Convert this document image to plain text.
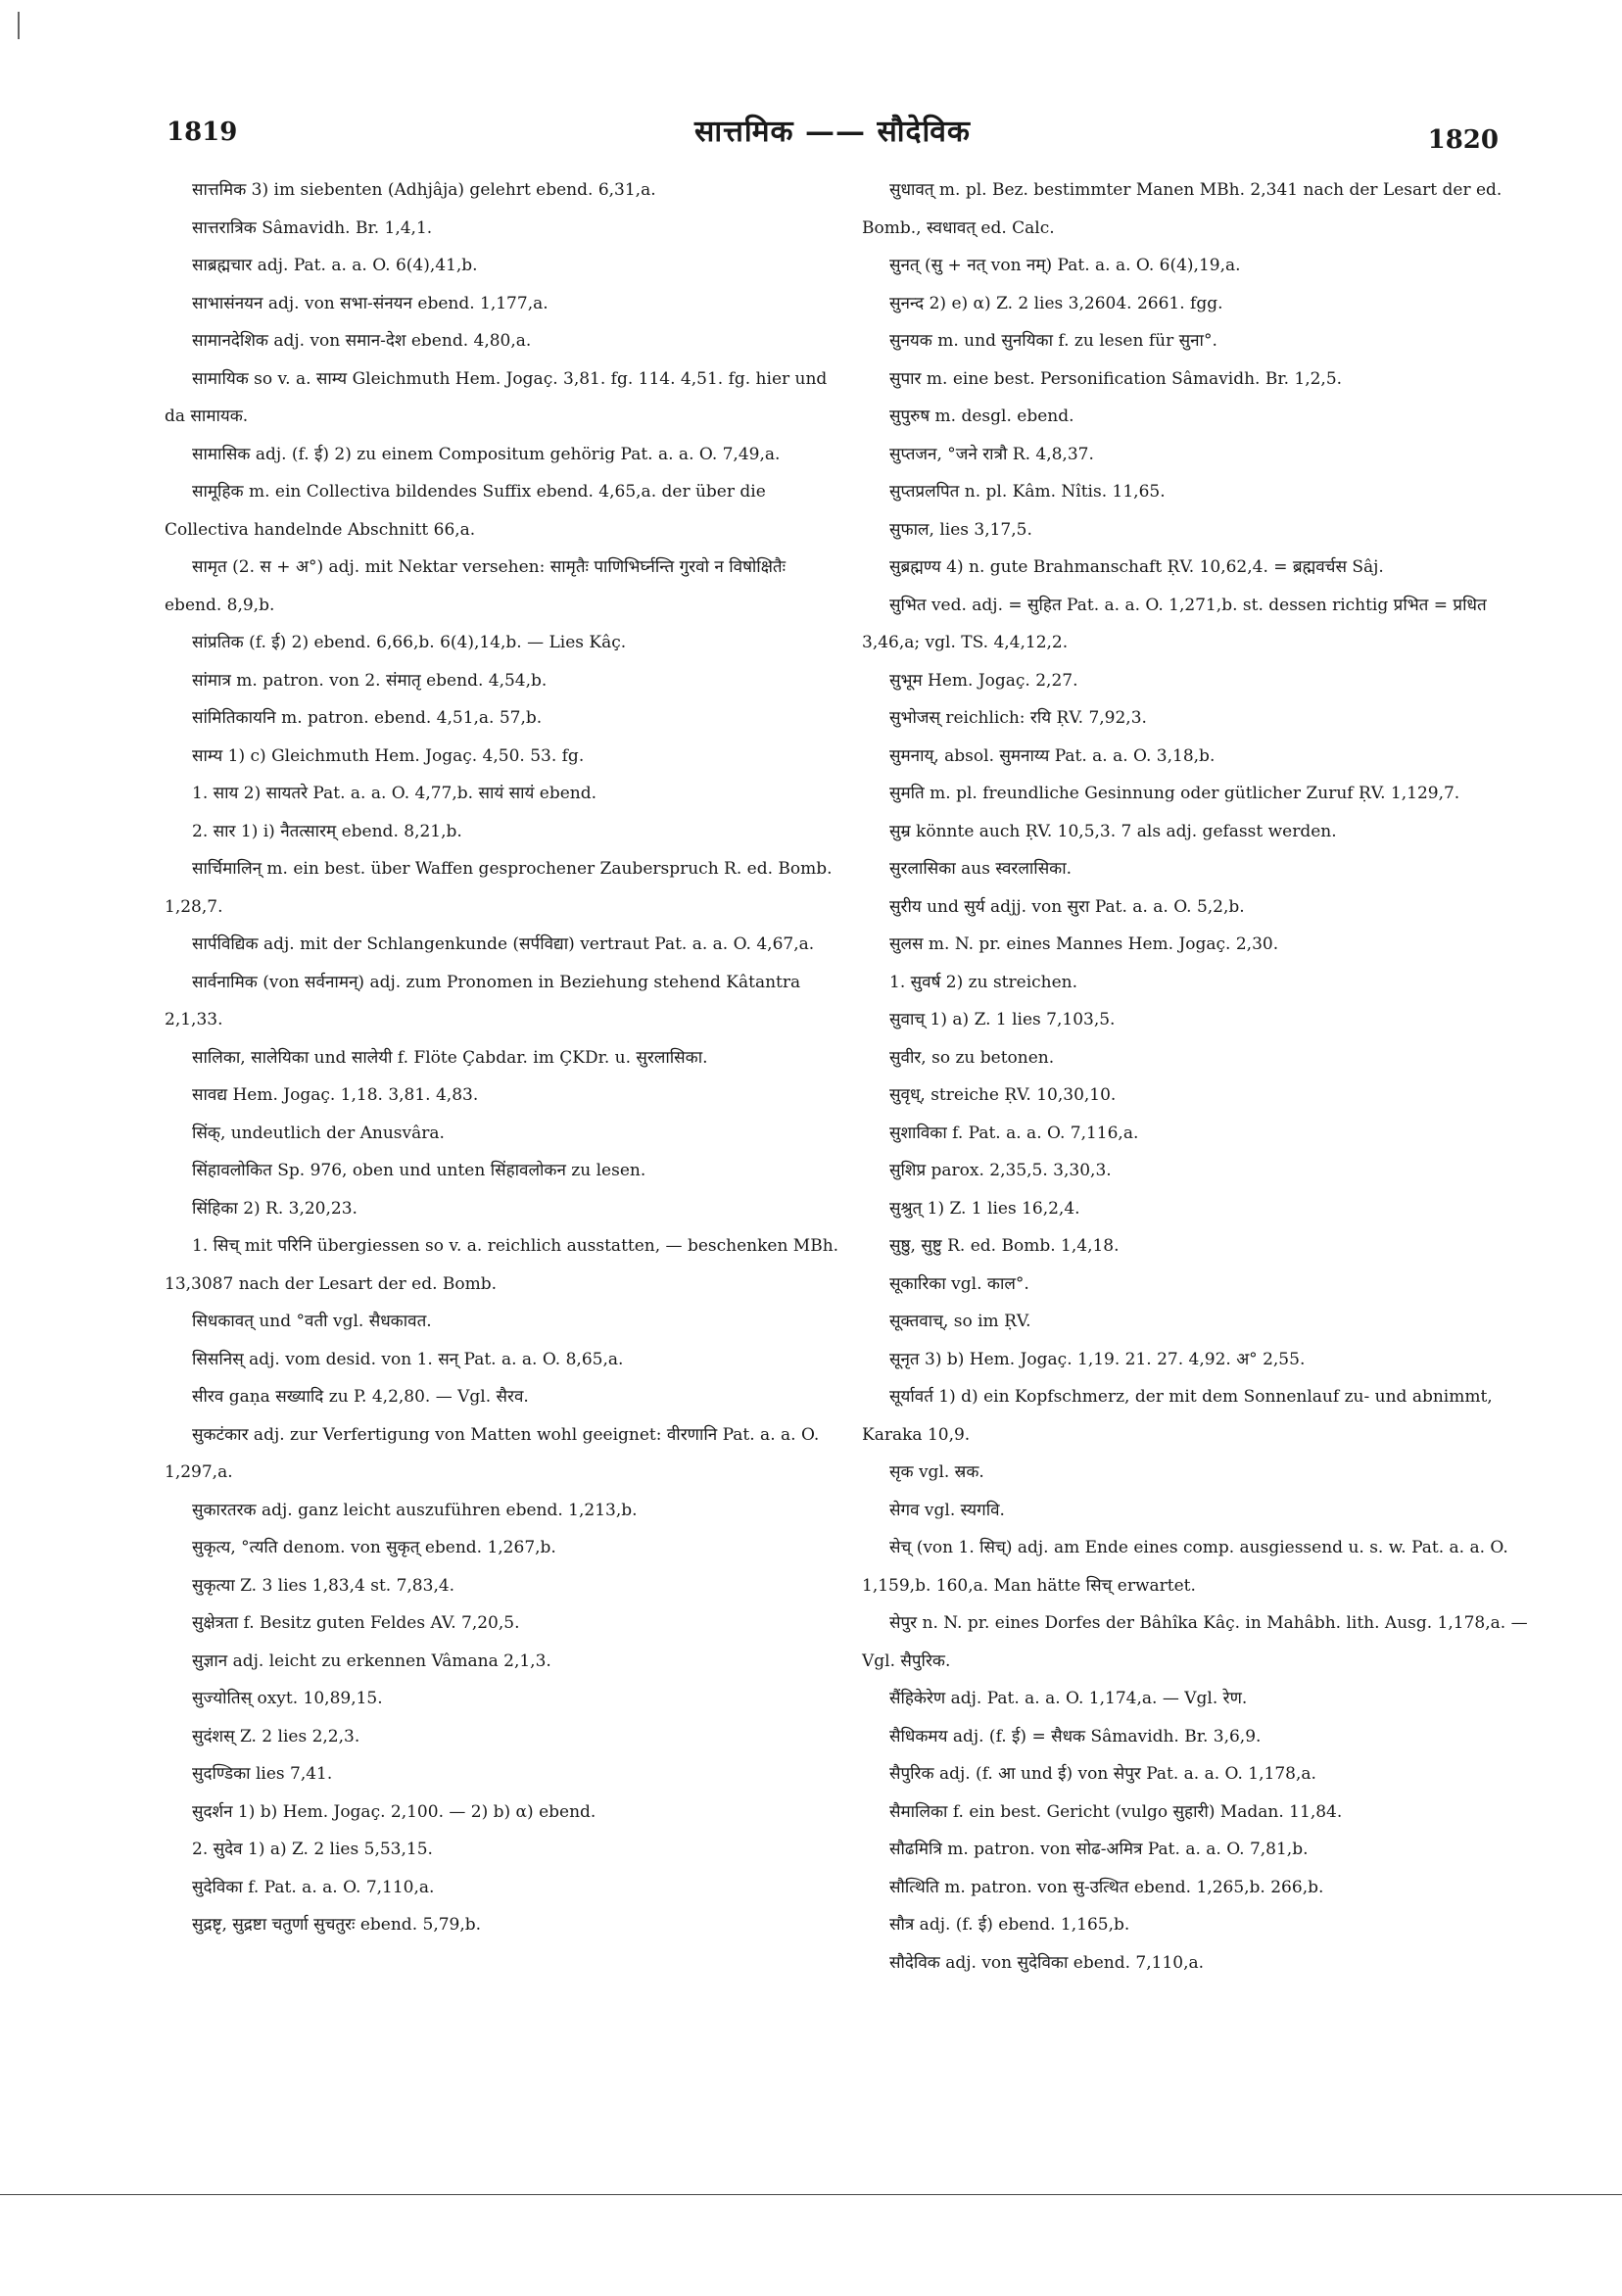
1819	सात्तमिक —— सौदेविक	1820

सात्तमिक 3) im siebenten (Adhjâja) gelehrt ebend. 6,31,a.

सात्तरात्रिक Sâmavidh. Br. 1,4,1.

साब्रह्मचार adj. Pat. a. a. O. 6(4),41,b.

साभासंनयन adj. von सभा-संनयन ebend. 1,177,a.

सामानदेशिक adj. von समान-देश ebend. 4,80,a.

सामायिक so v. a. साम्य Gleichmuth Hem. Jogaç. 3,81. fg. 114. 4,51. fg. hier und da सामायक.

सामासिक adj. (f. ई) 2) zu einem Compositum gehörig Pat. a. a. O. 7,49,a.

सामूहिक m. ein Collectiva bildendes Suffix ebend. 4,65,a. der über die Collectiva handelnde Abschnitt 66,a.

सामृत (2. स + अ°) adj. mit Nektar versehen: सामृतैः पाणिभिर्घ्नन्ति गुरवो न विषोक्षितैः ebend. 8,9,b.

सांप्रतिक (f. ई) 2) ebend. 6,66,b. 6(4),14,b. — Lies Kâç.

सांमात्र m. patron. von 2. संमातृ ebend. 4,54,b.

सांमितिकायनि m. patron. ebend. 4,51,a. 57,b.

साम्य 1) c) Gleichmuth Hem. Jogaç. 4,50. 53. fg.

1. साय 2) सायतरे Pat. a. a. O. 4,77,b. सायं सायं ebend.

2. सार 1) i) नैतत्सारम् ebend. 8,21,b.

सार्चिमालिन् m. ein best. über Waffen gesprochener Zauberspruch R. ed. Bomb. 1,28,7.

सार्पविद्यिक adj. mit der Schlangenkunde (सर्पविद्या) vertraut Pat. a. a. O. 4,67,a.

सार्वनामिक (von सर्वनामन्) adj. zum Pronomen in Beziehung stehend Kâtantra 2,1,33.

सालिका, सालेयिका und सालेयी f. Flöte Çabdar. im ÇKDr. u. सुरलासिका.

सावद्य Hem. Jogaç. 1,18. 3,81. 4,83.

सिंक्, undeutlich der Anusvâra.

सिंहावलोकित Sp. 976, oben und unten सिंहावलोकन zu lesen.

सिंहिका 2) R. 3,20,23.

1. सिच् mit परिनि übergiessen so v. a. reichlich ausstatten, — beschenken MBh. 13,3087 nach der Lesart der ed. Bomb.

सिधकावत् und °वती vgl. सैधकावत.

सिसनिस् adj. vom desid. von 1. सन् Pat. a. a. O. 8,65,a.

सीरव gaṇa सख्यादि zu P. 4,2,80. — Vgl. सैरव.

सुकटंकार adj. zur Verfertigung von Matten wohl geeignet: वीरणानि Pat. a. a. O. 1,297,a.

सुकारतरक adj. ganz leicht auszuführen ebend. 1,213,b.

सुकृत्य, °त्यति denom. von सुकृत् ebend. 1,267,b.

सुकृत्या Z. 3 lies 1,83,4 st. 7,83,4.

सुक्षेत्रता f. Besitz guten Feldes AV. 7,20,5.

सुज्ञान adj. leicht zu erkennen Vâmana 2,1,3.

सुज्योतिस् oxyt. 10,89,15.

सुदंशस् Z. 2 lies 2,2,3.

सुदण्डिका lies 7,41.

सुदर्शन 1) b) Hem. Jogaç. 2,100. — 2) b) α) ebend.

2. सुदेव 1) a) Z. 2 lies 5,53,15.

सुदेविका f. Pat. a. a. O. 7,110,a.

सुद्रष्टृ, सुद्रष्टा चतुर्णा सुचतुरः ebend. 5,79,b.

सुधावत् m. pl. Bez. bestimmter Manen MBh. 2,341 nach der Lesart der ed. Bomb., स्वधावत् ed. Calc.

सुनत् (सु + नत् von नम्) Pat. a. a. O. 6(4),19,a.

सुनन्द 2) e) α) Z. 2 lies 3,2604. 2661. fgg.

सुनयक m. und सुनयिका f. zu lesen für सुना°.

सुपार m. eine best. Personification Sâmavidh. Br. 1,2,5.

सुपुरुष m. desgl. ebend.

सुप्तजन, °जने रात्रौ R. 4,8,37.

सुप्तप्रलपित n. pl. Kâm. Nîtis. 11,65.

सुफाल, lies 3,17,5.

सुब्रह्मण्य 4) n. gute Brahmanschaft ṚV. 10,62,4. = ब्रह्मवर्चस Sâj.

सुभित ved. adj. = सुहित Pat. a. a. O. 1,271,b. st. dessen richtig प्रभित = प्रधित 3,46,a; vgl. TS. 4,4,12,2.

सुभूम Hem. Jogaç. 2,27.

सुभोजस् reichlich: रयि ṚV. 7,92,3.

सुमनाय्, absol. सुमनाय्य Pat. a. a. O. 3,18,b.

सुमति m. pl. freundliche Gesinnung oder gütlicher Zuruf ṚV. 1,129,7.

सुम्र könnte auch ṚV. 10,5,3. 7 als adj. gefasst werden.

सुरलासिका aus स्वरलासिका.

सुरीय und सुर्य adjj. von सुरा Pat. a. a. O. 5,2,b.

सुलस m. N. pr. eines Mannes Hem. Jogaç. 2,30.

1. सुवर्ष 2) zu streichen.

सुवाच् 1) a) Z. 1 lies 7,103,5.

सुवीर, so zu betonen.

सुवृध्, streiche ṚV. 10,30,10.

सुशाविका f. Pat. a. a. O. 7,116,a.

सुशिप्र parox. 2,35,5. 3,30,3.

सुश्रुत् 1) Z. 1 lies 16,2,4.

सुष्ठु, सुष्टु R. ed. Bomb. 1,4,18.

सूकारिका vgl. काल°.

सूक्तवाच्, so im ṚV.

सूनृत 3) b) Hem. Jogaç. 1,19. 21. 27. 4,92. अ° 2,55.

सूर्यावर्त 1) d) ein Kopfschmerz, der mit dem Sonnenlauf zu- und abnimmt, Karaka 10,9.

सृक vgl. स्रक.

सेगव vgl. स्यगवि.

सेच् (von 1. सिच्) adj. am Ende eines comp. ausgiessend u. s. w. Pat. a. a. O. 1,159,b. 160,a. Man hätte सिच् erwartet.

सेपुर n. N. pr. eines Dorfes der Bâhîka Kâç. in Mahâbh. lith. Ausg. 1,178,a. — Vgl. सैपुरिक.

सैंहिकेरेण adj. Pat. a. a. O. 1,174,a. — Vgl. रेण.

सैधिकमय adj. (f. ई) = सैधक Sâmavidh. Br. 3,6,9.

सैपुरिक adj. (f. आ und ई) von सेपुर Pat. a. a. O. 1,178,a.

सैमालिका f. ein best. Gericht (vulgo सुहारी) Madan. 11,84.

सौढमित्रि m. patron. von सोढ-अमित्र Pat. a. a. O. 7,81,b.

सौत्थिति m. patron. von सु-उत्थित ebend. 1,265,b. 266,b.

सौत्र adj. (f. ई) ebend. 1,165,b.

सौदेविक adj. von सुदेविका ebend. 7,110,a.
